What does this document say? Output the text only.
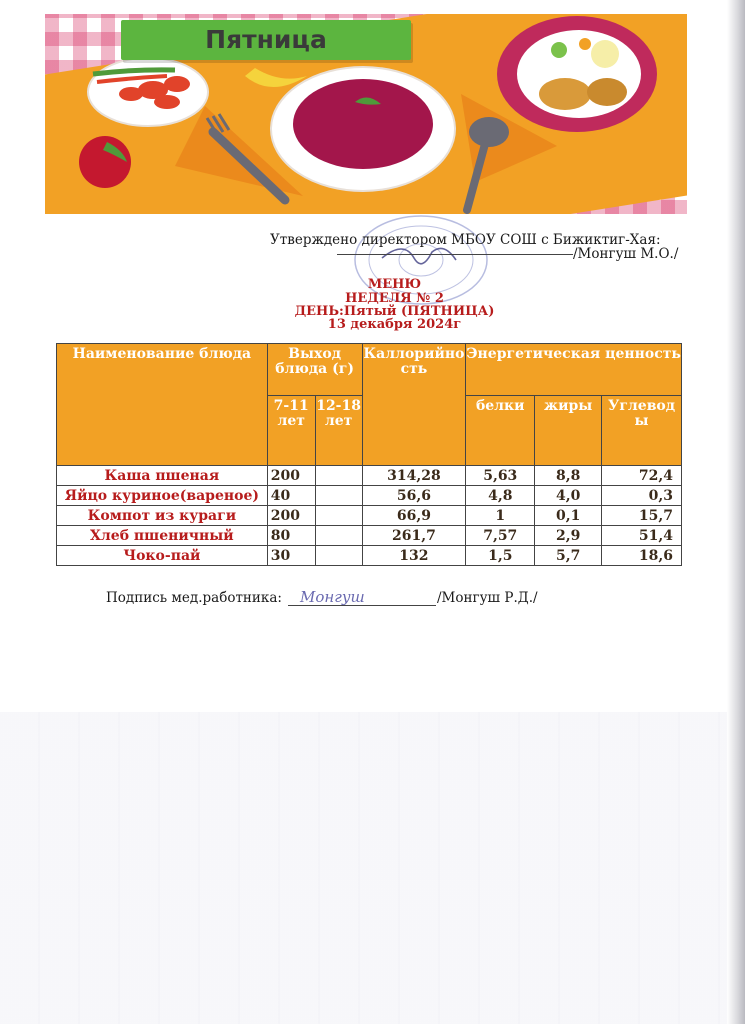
Пятница
Утверждено директором МБОУ СОШ с Бижиктиг-Хая:
/Монгуш М.О./
МЕНЮ
НЕДЕЛЯ № 2
ДЕНЬ:Пятый (ПЯТНИЦА)
13 декабря 2024г
Наименование блюда	Выход блюда (г)		Каллорийность	Энергетическая ценность		
	7-11 лет	12-18 лет		белки	жиры	Углеводы
Каша пшеная	200		314,28	5,63	8,8	72,4
Яйцо куриное(вареное)	40		56,6	4,8	4,0	0,3
Компот из кураги	200		66,9	1	0,1	15,7
Хлеб пшеничный	80		261,7	7,57	2,9	51,4
Чоко-пай	30		132	1,5	5,7	18,6
Подпись мед.работника: Монгуш	/Монгуш Р.Д./
